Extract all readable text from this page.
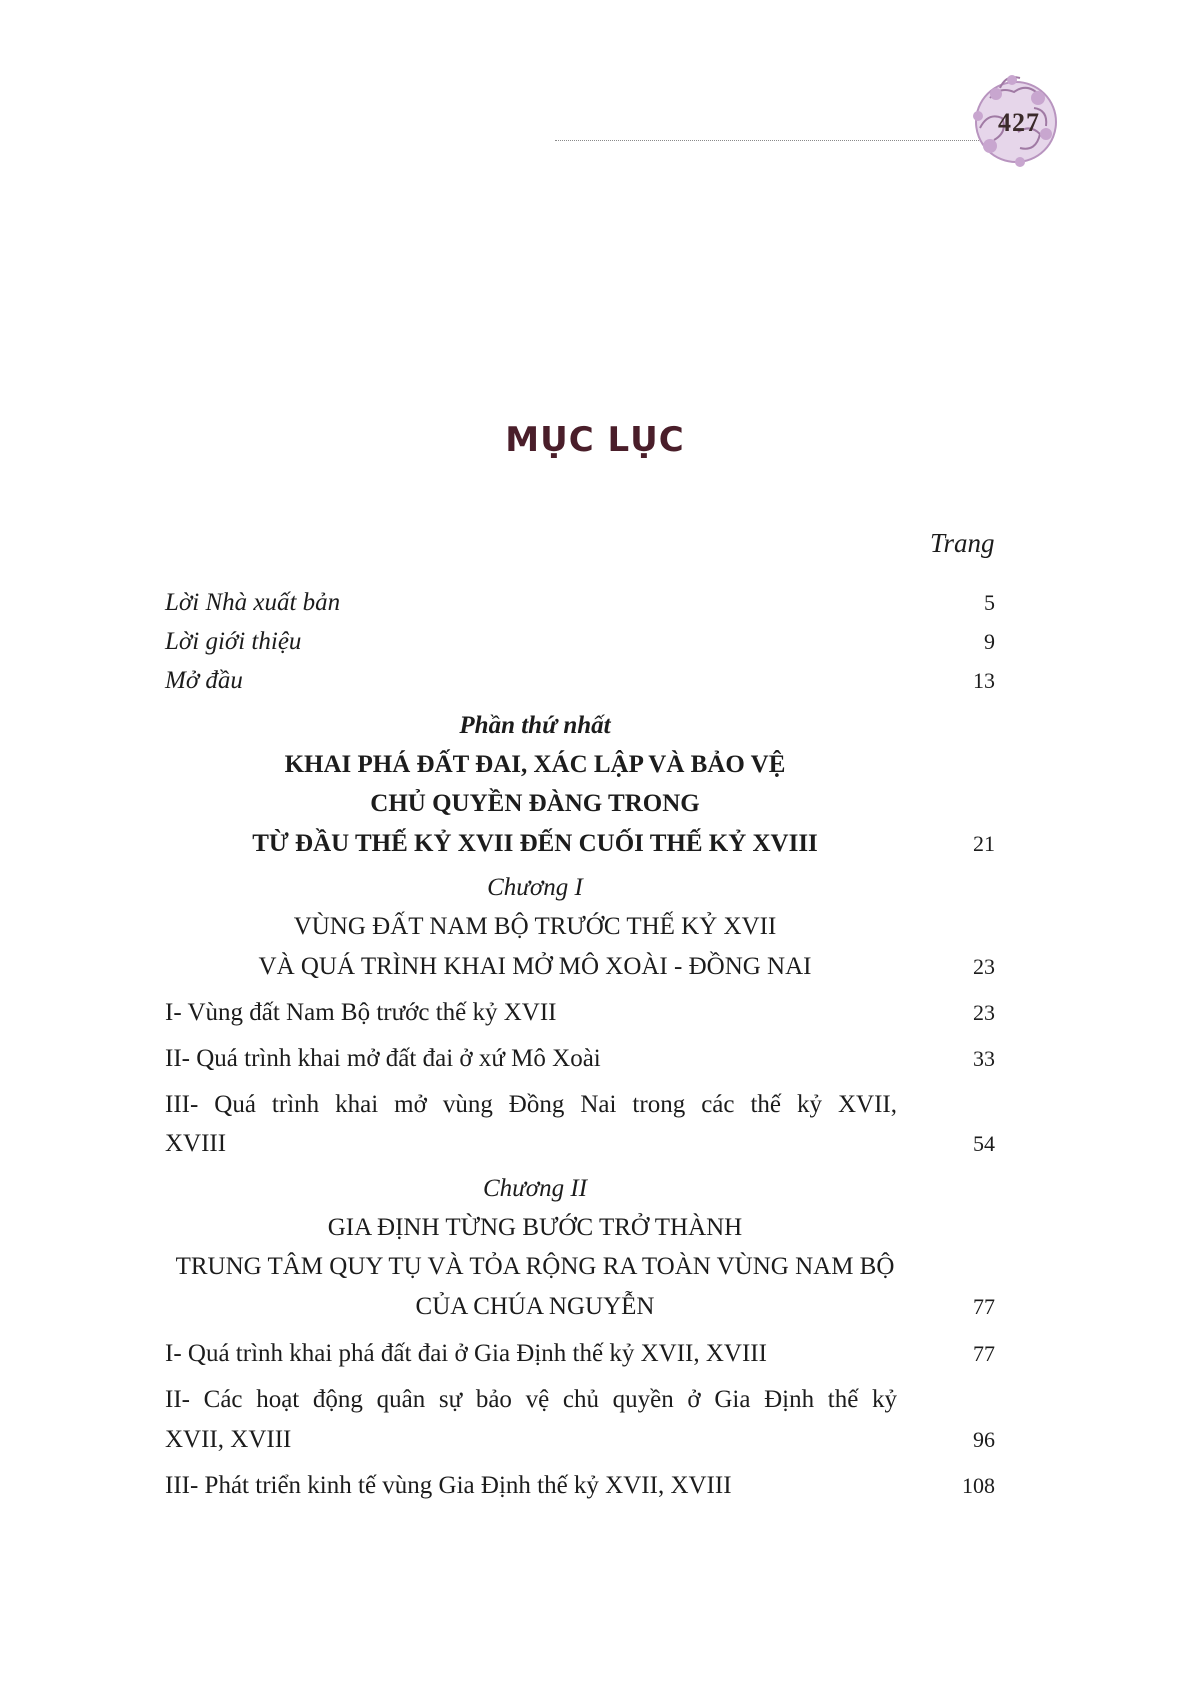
427
MỤC LỤC
Trang
Lời Nhà xuất bản	5
Lời giới thiệu	9
Mở đầu	13
Phần thứ nhất
KHAI PHÁ ĐẤT ĐAI, XÁC LẬP VÀ BẢO VỆ
CHỦ QUYỀN ĐÀNG TRONG
TỪ ĐẦU THẾ KỶ XVII ĐẾN CUỐI THẾ KỶ XVIII	21
Chương I
VÙNG ĐẤT NAM BỘ TRƯỚC THẾ KỶ XVII
VÀ QUÁ TRÌNH KHAI MỞ MÔ XOÀI - ĐỒNG NAI	23
I- Vùng đất Nam Bộ trước thế kỷ XVII	23
II- Quá trình khai mở đất đai ở xứ Mô Xoài	33
III- Quá trình khai mở vùng Đồng Nai trong các thế kỷ XVII,
XVIII	54
Chương II
GIA ĐỊNH TỪNG BƯỚC TRỞ THÀNH
TRUNG TÂM QUY TỤ VÀ TỎA RỘNG RA TOÀN VÙNG NAM BỘ
CỦA CHÚA NGUYỄN	77
I- Quá trình khai phá đất đai ở Gia Định thế kỷ XVII, XVIII	77
II- Các hoạt động quân sự bảo vệ chủ quyền ở Gia Định thế kỷ
XVII, XVIII	96
III- Phát triển kinh tế vùng Gia Định thế kỷ XVII, XVIII	108
